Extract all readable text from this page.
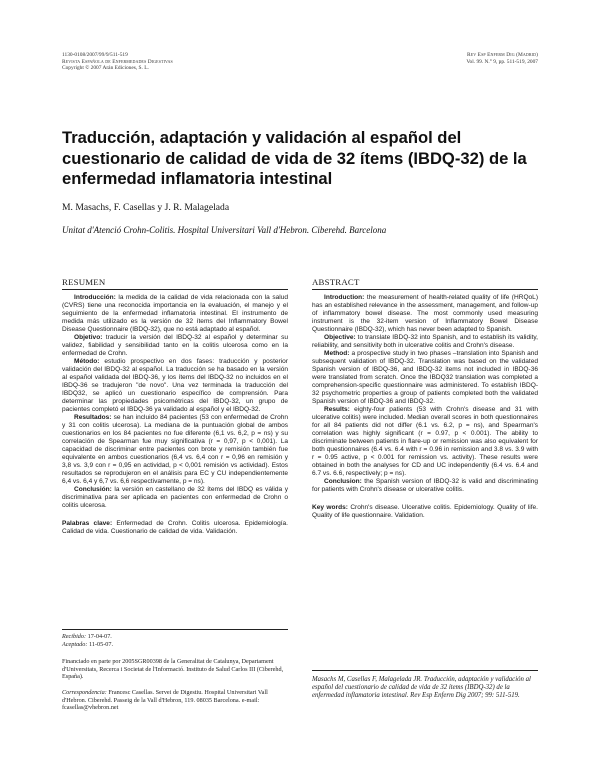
1130-0108/2007/99/9/511-519
Revista Española de Enfermedades Digestivas
Copyright © 2007 Arán Ediciones, S. L.
Rev Esp Enferm Dig (Madrid)
Vol. 99. N.° 9, pp. 511-519, 2007
Traducción, adaptación y validación al español del cuestionario de calidad de vida de 32 ítems (IBDQ-32) de la enfermedad inflamatoria intestinal
M. Masachs, F. Casellas y J. R. Malagelada
Unitat d'Atenció Crohn-Colitis. Hospital Universitari Vall d'Hebron. Ciberehd. Barcelona
RESUMEN

Introducción: la medida de la calidad de vida relacionada con la salud (CVRS) tiene una reconocida importancia en la evaluación, el manejo y el seguimiento de la enfermedad inflamatoria intestinal. El instrumento de medida más utilizado es la versión de 32 ítems del Inflammatory Bowel Disease Questionnaire (IBDQ-32), que no está adaptado al español.

Objetivo: traducir la versión del IBDQ-32 al español y determinar su validez, fiabilidad y sensibilidad tanto en la colitis ulcerosa como en la enfermedad de Crohn.

Método: estudio prospectivo en dos fases: traducción y posterior validación del IBDQ-32 al español. La traducción se ha basado en la versión al español validada del IBDQ-36, y los ítems del IBDQ-32 no incluidos en el IBDQ-36 se tradujeron "de novo". Una vez terminada la traducción del IBDQ32, se aplicó un cuestionario específico de comprensión. Para determinar las propiedades psicométricas del IBDQ-32, un grupo de pacientes completó el IBDQ-36 ya validado al español y el IBDQ-32.

Resultados: se han incluido 84 pacientes (53 con enfermedad de Crohn y 31 con colitis ulcerosa). La mediana de la puntuación global de ambos cuestionarios en los 84 pacientes no fue diferente (6,1 vs. 6,2, p = ns) y su correlación de Spearman fue muy significativa (r = 0,97, p < 0,001). La capacidad de discriminar entre pacientes con brote y remisión también fue equivalente en ambos cuestionarios (6,4 vs. 6,4 con r = 0,96 en remisión y 3,8 vs. 3,9 con r = 0,95 en actividad, p < 0,001 remisión vs actividad). Estos resultados se reprodujeron en el análisis para EC y CU independientemente 6,4 vs. 6,4 y 6,7 vs. 6,6 respectivamente, p = ns).

Conclusión: la versión en castellano de 32 ítems del IBDQ es válida y discriminativa para ser aplicada en pacientes con enfermedad de Crohn o colitis ulcerosa.

Palabras clave: Enfermedad de Crohn. Colitis ulcerosa. Epidemiología. Calidad de vida. Cuestionario de calidad de vida. Validación.

ABSTRACT

Introduction: the measurement of health-related quality of life (HRQoL) has an established relevance in the assessment, management, and follow-up of inflammatory bowel disease. The most commonly used measuring instrument is the 32-item version of Inflammatory Bowel Disease Questionnaire (IBDQ-32), which has never been adapted to Spanish.

Objective: to translate IBDQ-32 into Spanish, and to establish its validity, reliability, and sensitivity both in ulcerative colitis and Crohn's disease.

Method: a prospective study in two phases –translation into Spanish and subsequent validation of IBDQ-32. Translation was based on the validated Spanish version of IBDQ-36, and IBDQ-32 items not included in IBDQ-36 were translated from scratch. Once the IBDQ32 translation was completed a comprehension-specific questionnaire was administered. To establish IBDQ-32 psychometric properties a group of patients completed both the validated Spanish version of IBDQ-36 and IBDQ-32.

Results: eighty-four patients (53 with Crohn's disease and 31 with ulcerative colitis) were included. Median overall scores in both questionnaires for all 84 patients did not differ (6.1 vs. 6.2, p = ns), and Spearman's correlation was highly significant (r = 0.97, p < 0.001). The ability to discriminate between patients in flare-up or remission was also equivalent for both questionnaires (6.4 vs. 6.4 with r = 0.96 in remission and 3.8 vs. 3.9 with r = 0.95 active, p < 0.001 for remission vs. activity). These results were obtained in both the analyses for CD and UC independently (6.4 vs. 6.4 and 6.7 vs. 6.6, respectively; p = ns).

Conclusion: the Spanish version of IBDQ-32 is valid and discriminating for patients with Crohn's disease or ulcerative colitis.

Key words: Crohn's disease. Ulcerative colitis. Epidemiology. Quality of life. Quality of life questionnaire. Validation.

Recibido: 17-04-07.
Aceptado: 11-05-07.
Financiado en parte por 2005SGR00398 de la Generalitat de Catalunya, Departament d'Universitats, Recerca i Societat de l'Informació. Instituto de Salud Carlos III (Ciberehd, España).
Correspondencia: Francesc Casellas. Servei de Digestiu. Hospital Universitari Vall d'Hebron. Ciberehd. Passeig de la Vall d'Hebron, 119. 08035 Barcelona. e-mail: fcasellas@vhebron.net
Masachs M, Casellas F, Malagelada JR. Traducción, adaptación y validación al español del cuestionario de calidad de vida de 32 ítems (IBDQ-32) de la enfermedad inflamatoria intestinal. Rev Esp Enferm Dig 2007; 99: 511-519.
